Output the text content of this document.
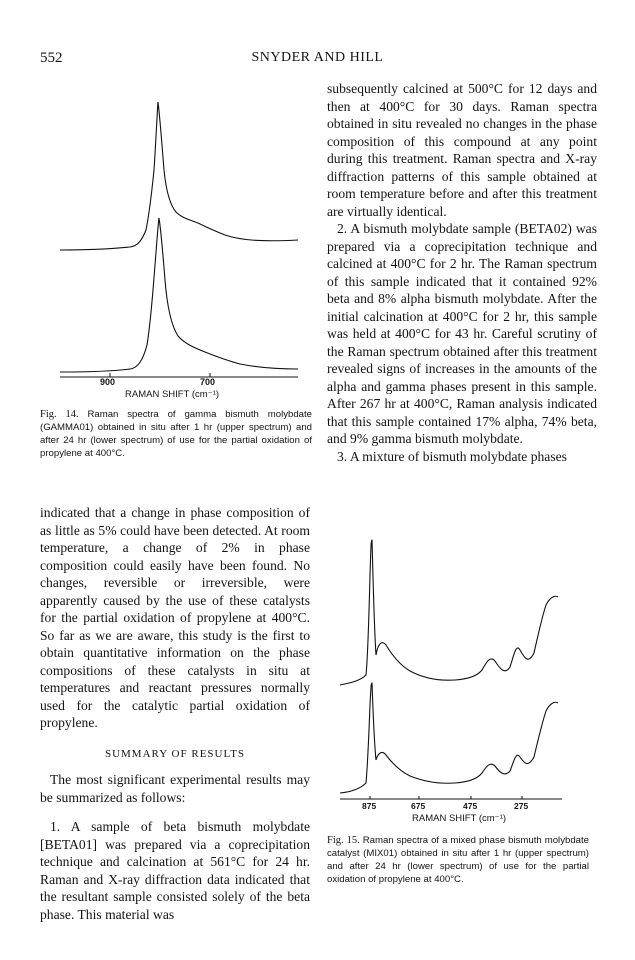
552	SNYDER AND HILL
900	700
RAMAN SHIFT (cm⁻¹)
Fig. 14. Raman spectra of gamma bismuth molybdate (GAMMA01) obtained in situ after 1 hr (upper spectrum) and after 24 hr (lower spectrum) of use for the partial oxidation of propylene at 400°C.

subsequently calcined at 500°C for 12 days and then at 400°C for 30 days. Raman spectra obtained in situ revealed no changes in the phase composition of this compound at any point during this treatment. Raman spectra and X-ray diffraction patterns of this sample obtained at room temperature before and after this treatment are virtually identical.

2. A bismuth molybdate sample (BETA02) was prepared via a coprecipitation technique and calcined at 400°C for 2 hr. The Raman spectrum of this sample indicated that it contained 92% beta and 8% alpha bismuth molybdate. After the initial calcination at 400°C for 2 hr, this sample was held at 400°C for 43 hr. Careful scrutiny of the Raman spectrum obtained after this treatment revealed signs of increases in the amounts of the alpha and gamma phases present in this sample. After 267 hr at 400°C, Raman analysis indicated that this sample contained 17% alpha, 74% beta, and 9% gamma bismuth molybdate.

3. A mixture of bismuth molybdate phases

indicated that a change in phase composition of as little as 5% could have been detected. At room temperature, a change of 2% in phase composition could easily have been found. No changes, reversible or irreversible, were apparently caused by the use of these catalysts for the partial oxidation of propylene at 400°C. So far as we are aware, this study is the first to obtain quantitative information on the phase compositions of these catalysts in situ at temperatures and reactant pressures normally used for the catalytic partial oxidation of propylene.

SUMMARY OF RESULTS

The most significant experimental results may be summarized as follows:

1. A sample of beta bismuth molybdate [BETA01] was prepared via a coprecipitation technique and calcination at 561°C for 24 hr. Raman and X-ray diffraction data indicated that the resultant sample consisted solely of the beta phase. This material was

875	675	475	275
RAMAN SHIFT (cm⁻¹)
Fig. 15. Raman spectra of a mixed phase bismuth molybdate catalyst (MIX01) obtained in situ after 1 hr (upper spectrum) and after 24 hr (lower spectrum) of use for the partial oxidation of propylene at 400°C.
